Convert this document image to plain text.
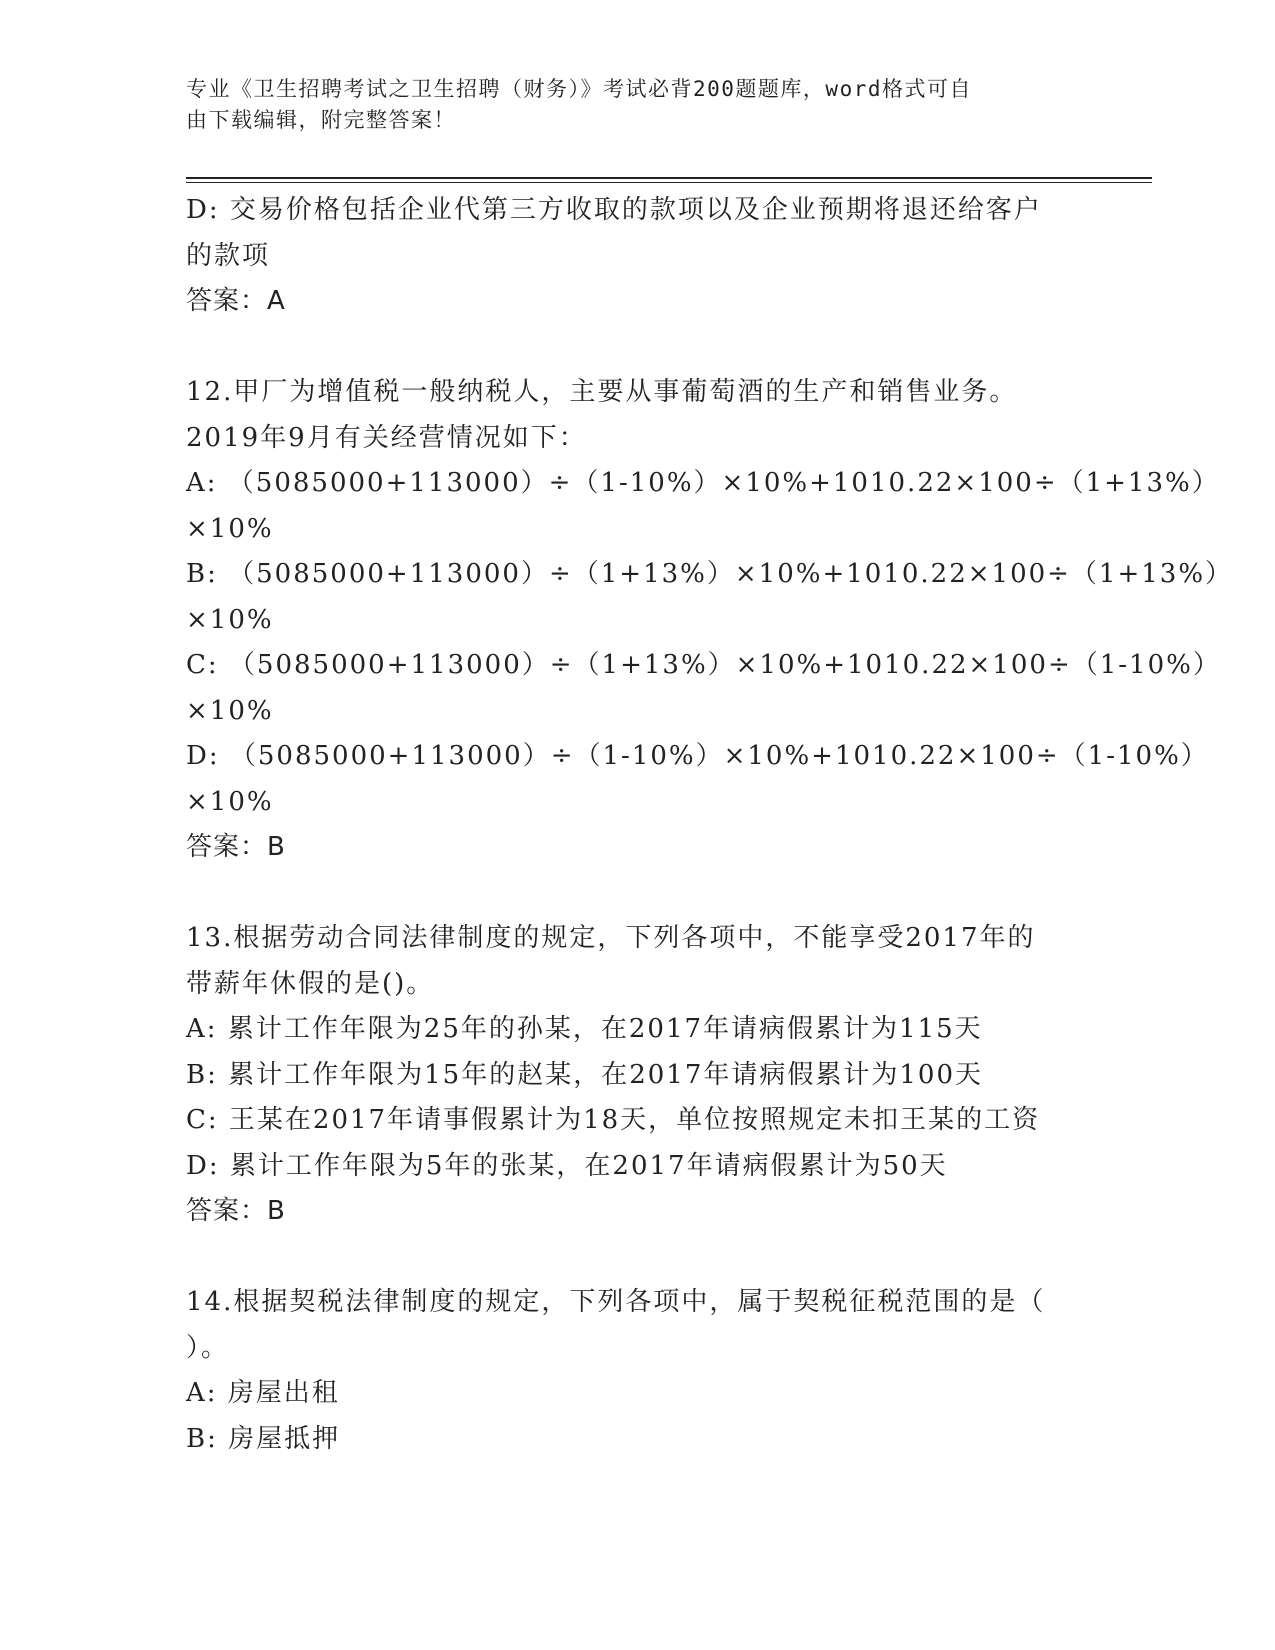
专业《卫生招聘考试之卫生招聘（财务）》考试必背200题题库，word格式可自
由下载编辑，附完整答案！
D: 交易价格包括企业代第三方收取的款项以及企业预期将退还给客户
的款项
答案：A
12.甲厂为增值税一般纳税人，主要从事葡萄酒的生产和销售业务。
2019年9月有关经营情况如下：
A: （5085000+113000）÷（1-10%）×10%+1010.22×100÷（1+13%）
×10%
B: （5085000+113000）÷（1+13%）×10%+1010.22×100÷（1+13%）
×10%
C: （5085000+113000）÷（1+13%）×10%+1010.22×100÷（1-10%）
×10%
D: （5085000+113000）÷（1-10%）×10%+1010.22×100÷（1-10%）
×10%
答案：B
13.根据劳动合同法律制度的规定，下列各项中，不能享受2017年的
带薪年休假的是()。
A: 累计工作年限为25年的孙某，在2017年请病假累计为115天
B: 累计工作年限为15年的赵某，在2017年请病假累计为100天
C: 王某在2017年请事假累计为18天，单位按照规定未扣王某的工资
D: 累计工作年限为5年的张某，在2017年请病假累计为50天
答案：B
14.根据契税法律制度的规定，下列各项中，属于契税征税范围的是（
）。
A: 房屋出租
B: 房屋抵押
